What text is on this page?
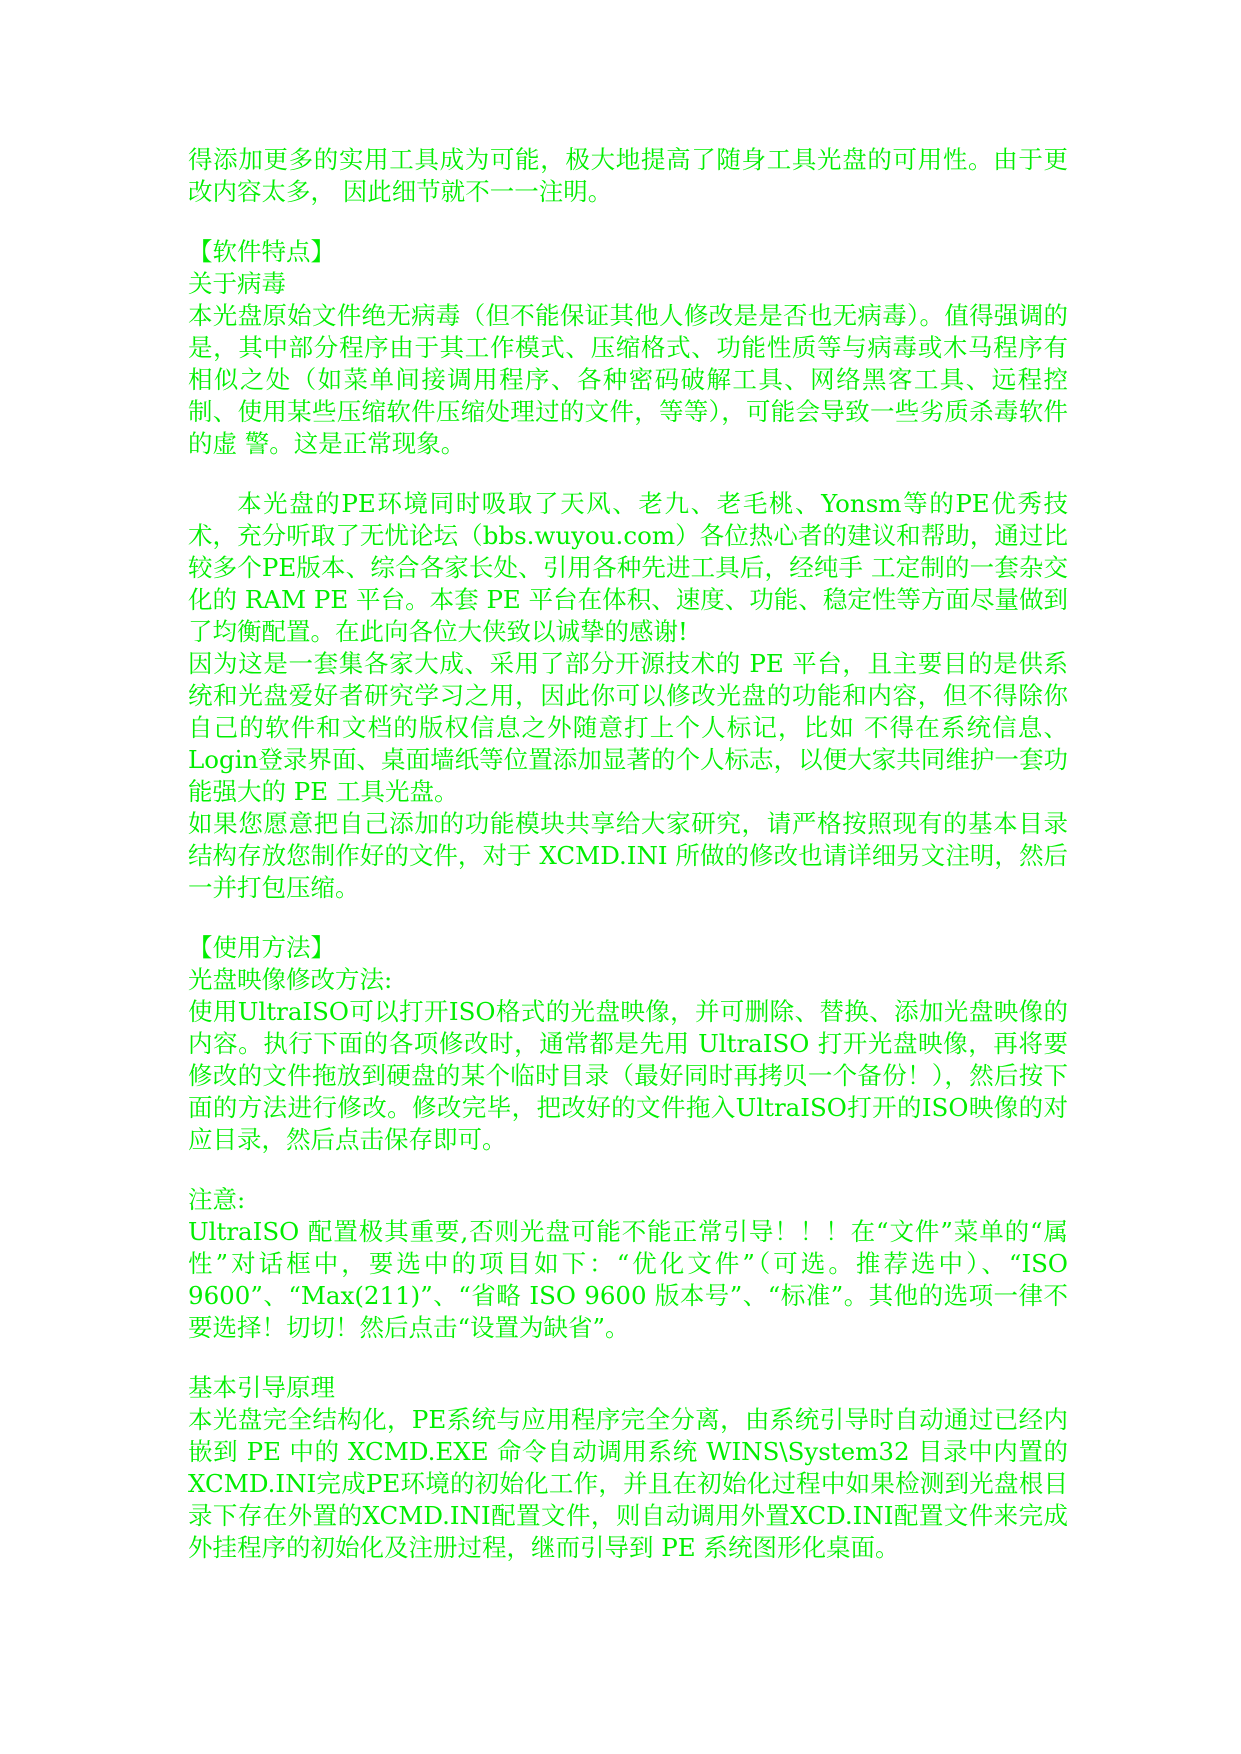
得添加更多的实用工具成为可能，极大地提高了随身工具光盘的可用性。由于更改内容太多， 因此细节就不一一注明。

【软件特点】

关于病毒

本光盘原始文件绝无病毒（但不能保证其他人修改是是否也无病毒）。值得强调的是，其中部分程序由于其工作模式、压缩格式、功能性质等与病毒或木马程序有 相似之处（如菜单间接调用程序、各种密码破解工具、网络黑客工具、远程控制、使用某些压缩软件压缩处理过的文件，等等），可能会导致一些劣质杀毒软件的虚 警。这是正常现象。

本光盘的PE环境同时吸取了天风、老九、老毛桃、Yonsm等的PE优秀技术，充分听取了无忧论坛（bbs.wuyou.com）各位热心者的建议和帮助，通过比较多个PE版本、综合各家长处、引用各种先进工具后，经纯手 工定制的一套杂交化的 RAM PE 平台。本套 PE 平台在体积、速度、功能、稳定性等方面尽量做到了均衡配置。在此向各位大侠致以诚挚的感谢!

因为这是一套集各家大成、采用了部分开源技术的 PE 平台，且主要目的是供系统和光盘爱好者研究学习之用，因此你可以修改光盘的功能和内容，但不得除你自己的软件和文档的版权信息之外随意打上个人标记，比如 不得在系统信息、Login登录界面、桌面墙纸等位置添加显著的个人标志，以便大家共同维护一套功能强大的 PE 工具光盘。

如果您愿意把自己添加的功能模块共享给大家研究，请严格按照现有的基本目录结构存放您制作好的文件，对于 XCMD.INI 所做的修改也请详细另文注明，然后一并打包压缩。

【使用方法】

光盘映像修改方法:

使用UltraISO可以打开ISO格式的光盘映像，并可删除、替换、添加光盘映像的内容。执行下面的各项修改时，通常都是先用 UltraISO 打开光盘映像，再将要修改的文件拖放到硬盘的某个临时目录（最好同时再拷贝一个备份！），然后按下面的方法进行修改。修改完毕，把改好的文件拖入UltraISO打开的ISO映像的对应目录，然后点击保存即可。

注意:

UltraISO 配置极其重要,否则光盘可能不能正常引导！！！在“文件”菜单的“属性”对话框中，要选中的项目如下：“优化文件”（可选。推荐选中）、“ISO 9600”、“Max(211)”、“省略 ISO 9600 版本号”、“标准”。其他的选项一律不要选择！切切！然后点击“设置为缺省”。

基本引导原理

本光盘完全结构化，PE系统与应用程序完全分离，由系统引导时自动通过已经内嵌到 PE 中的 XCMD.EXE 命令自动调用系统 WINS\System32 目录中内置的XCMD.INI完成PE环境的初始化工作，并且在初始化过程中如果检测到光盘根目录下存在外置的XCMD.INI配置文件，则自动调用外置XCD.INI配置文件来完成外挂程序的初始化及注册过程，继而引导到 PE 系统图形化桌面。
